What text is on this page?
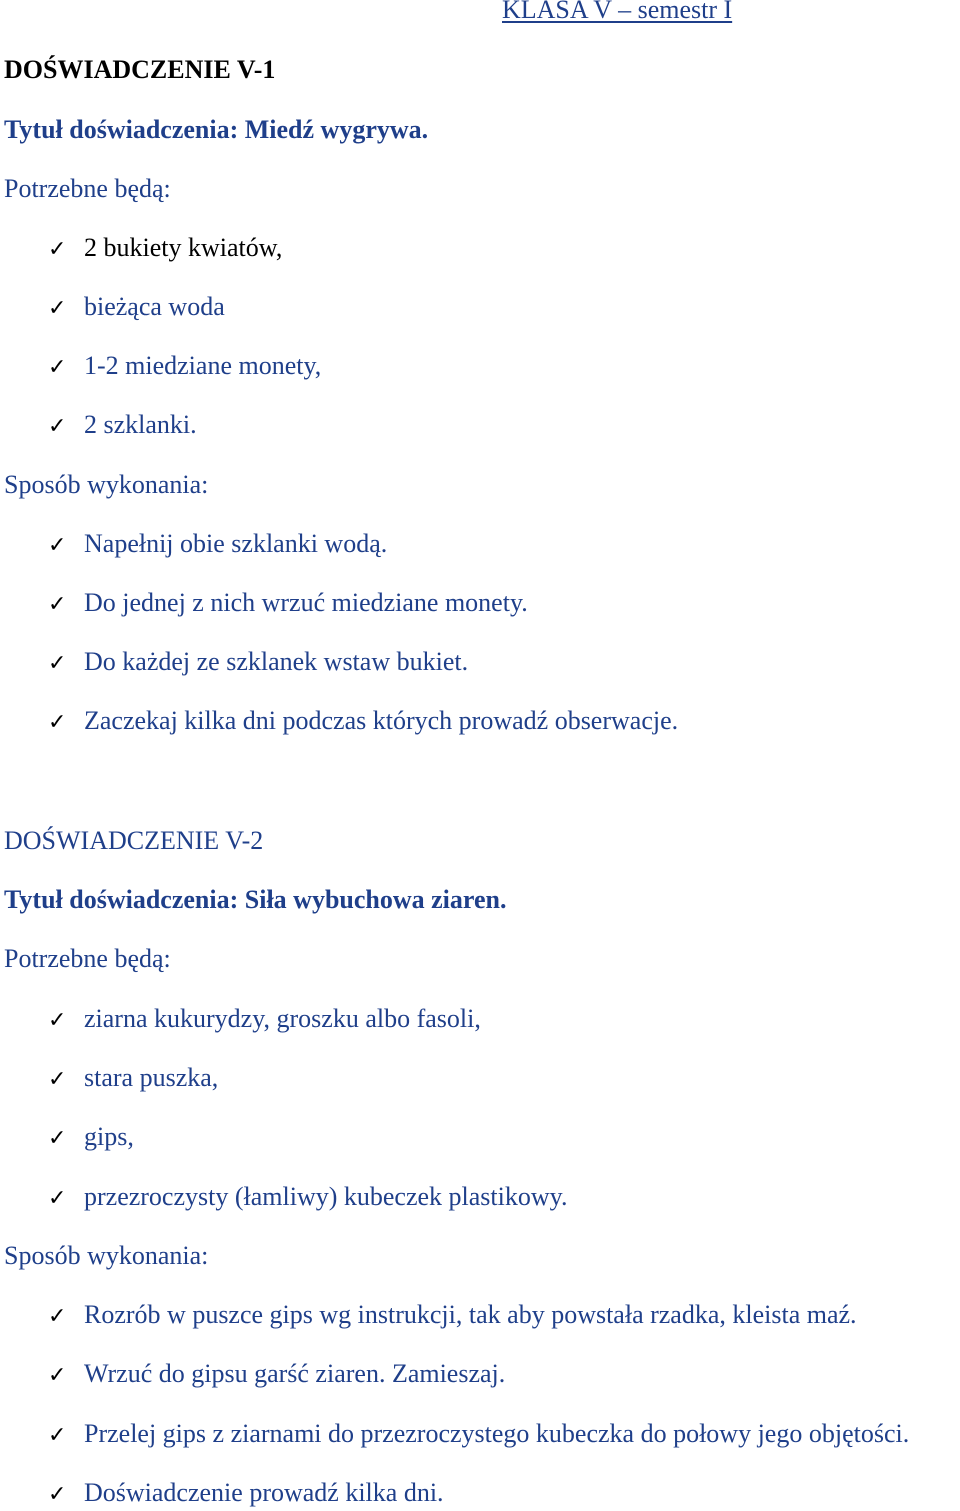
KLASA V – semestr I
DOŚWIADCZENIE V-1
Tytuł doświadczenia: Miedź wygrywa.
Potrzebne będą:
✓ 2 bukiety kwiatów,
✓ bieżąca woda
✓ 1-2 miedziane monety,
✓ 2 szklanki.
Sposób wykonania:
✓ Napełnij obie szklanki wodą.
✓ Do jednej z nich wrzuć miedziane monety.
✓ Do każdej ze szklanek wstaw bukiet.
✓ Zaczekaj kilka dni podczas których prowadź obserwacje.
DOŚWIADCZENIE V-2
Tytuł doświadczenia: Siła wybuchowa ziaren.
Potrzebne będą:
✓ ziarna kukurydzy, groszku albo fasoli,
✓ stara puszka,
✓ gips,
✓ przezroczysty (łamliwy) kubeczek plastikowy.
Sposób wykonania:
✓ Rozrób w puszce gips wg instrukcji, tak aby powstała rzadka, kleista maź.
✓ Wrzuć do gipsu garść ziaren. Zamieszaj.
✓ Przelej gips z ziarnami do przezroczystego kubeczka do połowy jego objętości.
✓ Doświadczenie prowadź kilka dni.
